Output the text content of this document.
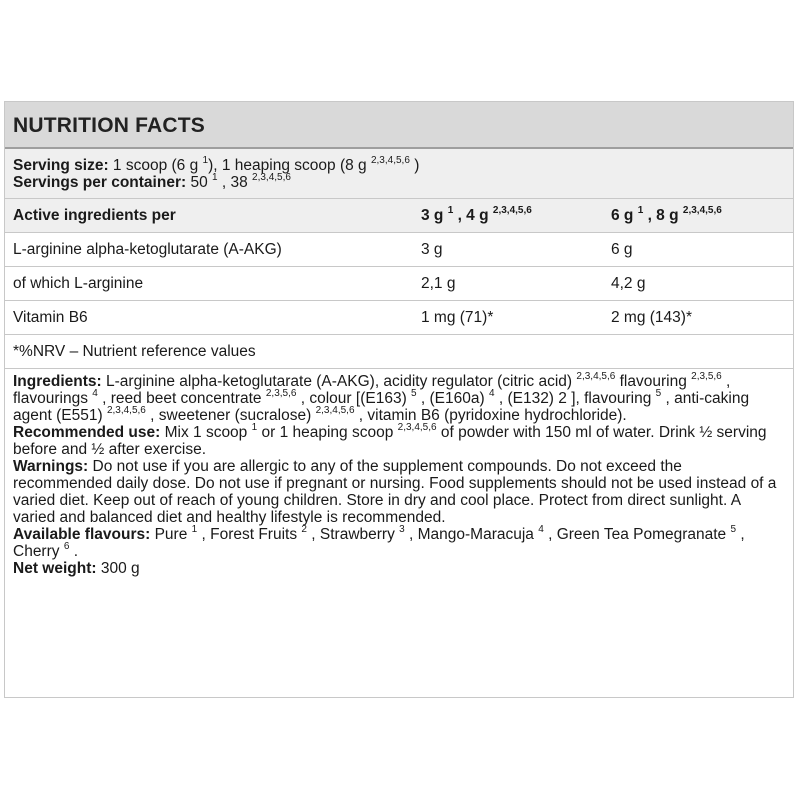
NUTRITION FACTS
Serving size: 1 scoop (6 g $^1$), 1 heaping scoop (8 g $^{2,3,4,5,6}$ )
Servings per container: 50 $^1$ , 38 $^{2,3,4,5,6}$
Active ingredients per	3 g $^1$ , 4 g $^{2,3,4,5,6}$	6 g $^1$ , 8 g $^{2,3,4,5,6}$
L-arginine alpha-ketoglutarate (A-AKG)	3 g	6 g
of which L-arginine	2,1 g	4,2 g
Vitamin B6	1 mg (71)*	2 mg (143)*
*%NRV – Nutrient reference values

Ingredients: L-arginine alpha-ketoglutarate (A-AKG), acidity regulator (citric acid) $^{2,3,4,5,6}$ flavouring $^{2,3,5,6}$ , flavourings $^4$ , reed beet concentrate $^{2,3,5,6}$ , colour [(E163) $^5$ , (E160a) $^4$ , (E132) 2 ], flavouring $^5$ , anti-caking agent (E551) $^{2,3,4,5,6}$ , sweetener (sucralose) $^{2,3,4,5,6}$ , vitamin B6 (pyridoxine hydrochloride).

Recommended use: Mix 1 scoop $^1$ or 1 heaping scoop $^{2,3,4,5,6}$ of powder with 150 ml of water. Drink ½ serving before and ½ after exercise.

Warnings: Do not use if you are allergic to any of the supplement compounds. Do not exceed the recommended daily dose. Do not use if pregnant or nursing. Food supplements should not be used instead of a varied diet. Keep out of reach of young children. Store in dry and cool place. Protect from direct sunlight. A varied and balanced diet and healthy lifestyle is recommended.

Available flavours: Pure $^1$ , Forest Fruits $^2$ , Strawberry $^3$ , Mango-Maracuja $^4$ , Green Tea Pomegranate $^5$ , Cherry $^6$ .

Net weight: 300 g
